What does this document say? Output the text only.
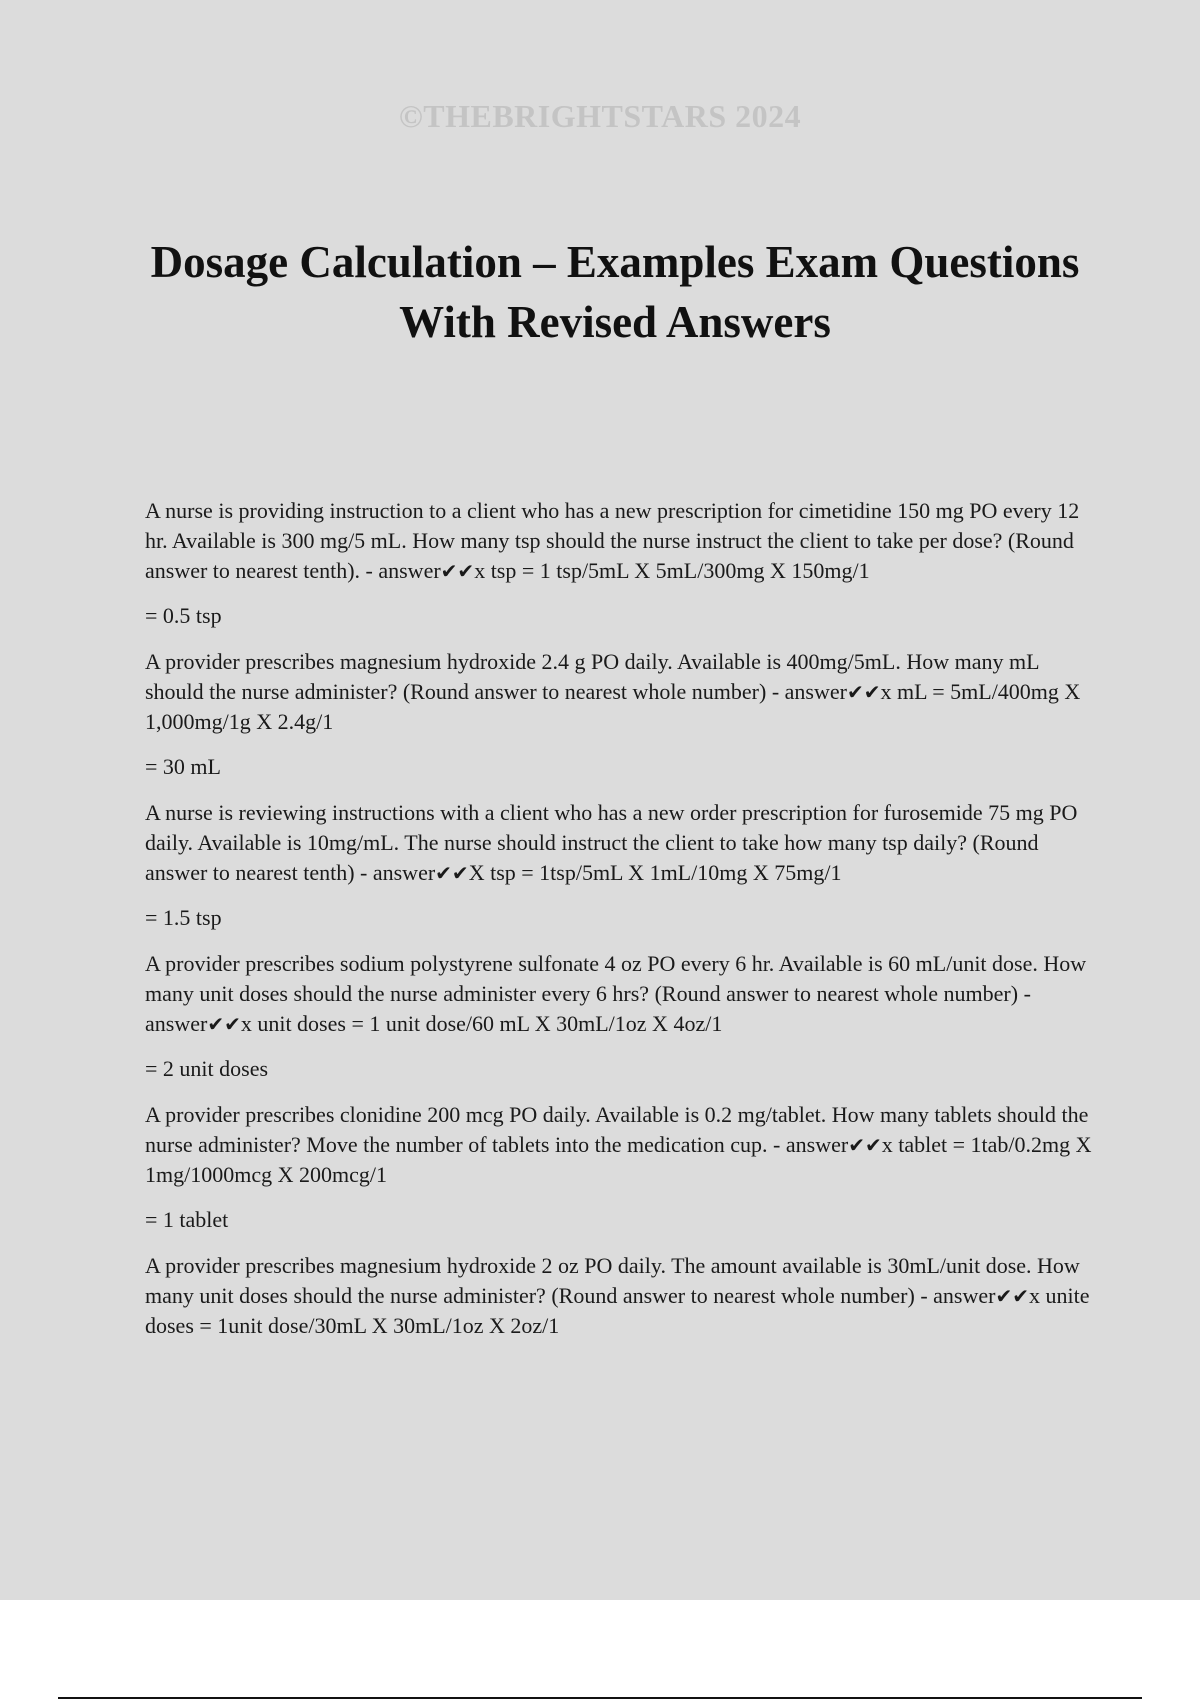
©THEBRIGHTSTARS 2024
Dosage Calculation – Examples Exam Questions With Revised Answers

A nurse is providing instruction to a client who has a new prescription for cimetidine 150 mg PO every 12 hr. Available is 300 mg/5 mL. How many tsp should the nurse instruct the client to take per dose? (Round answer to nearest tenth). - answer✔✔x tsp = 1 tsp/5mL X 5mL/300mg X 150mg/1

= 0.5 tsp

A provider prescribes magnesium hydroxide 2.4 g PO daily. Available is 400mg/5mL. How many mL should the nurse administer? (Round answer to nearest whole number) - answer✔✔x mL = 5mL/400mg X 1,000mg/1g X 2.4g/1

= 30 mL

A nurse is reviewing instructions with a client who has a new order prescription for furosemide 75 mg PO daily. Available is 10mg/mL. The nurse should instruct the client to take how many tsp daily? (Round answer to nearest tenth) - answer✔✔X tsp = 1tsp/5mL X 1mL/10mg X 75mg/1

= 1.5 tsp

A provider prescribes sodium polystyrene sulfonate 4 oz PO every 6 hr. Available is 60 mL/unit dose. How many unit doses should the nurse administer every 6 hrs? (Round answer to nearest whole number) - answer✔✔x unit doses = 1 unit dose/60 mL X 30mL/1oz X 4oz/1

= 2 unit doses

A provider prescribes clonidine 200 mcg PO daily. Available is 0.2 mg/tablet. How many tablets should the nurse administer? Move the number of tablets into the medication cup. - answer✔✔x tablet = 1tab/0.2mg X 1mg/1000mcg X 200mcg/1

= 1 tablet

A provider prescribes magnesium hydroxide 2 oz PO daily. The amount available is 30mL/unit dose. How many unit doses should the nurse administer? (Round answer to nearest whole number) - answer✔✔x unite doses = 1unit dose/30mL X 30mL/1oz X 2oz/1
